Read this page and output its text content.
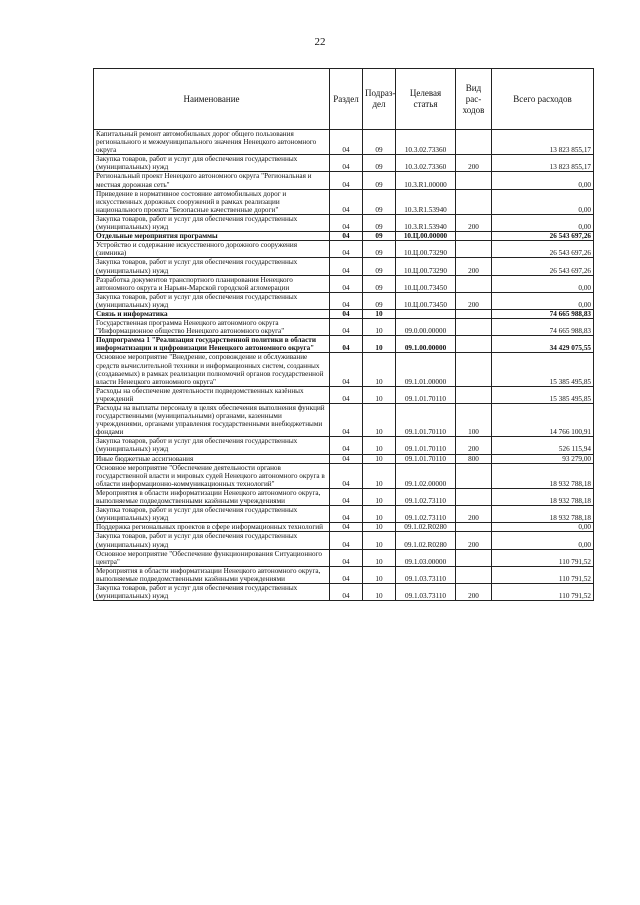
22
Наименование	Раздел	Подраз-дел	Целевая статья	Вид рас-ходов	Всего расходов
Капитальный ремонт автомобильных дорог общего пользования регионального и межмуниципального значения Ненецкого автономного округа	04	09	10.3.02.73360		13 823 855,17
Закупка товаров, работ и услуг для обеспечения государственных (муниципальных) нужд	04	09	10.3.02.73360	200	13 823 855,17
Региональный проект Ненецкого автономного округа "Региональная и местная дорожная сеть"	04	09	10.3.R1.00000		0,00
Приведение в нормативное состояние автомобильных дорог и искусственных дорожных сооружений в рамках реализации национального проекта "Безопасные качественные дороги"	04	09	10.3.R1.53940		0,00
Закупка товаров, работ и услуг для обеспечения государственных (муниципальных) нужд	04	09	10.3.R1.53940	200	0,00
Отдельные мероприятия программы	04	09	10.Ц.00.00000		26 543 697,26
Устройство и содержание искусственного дорожного сооружения (зимника)	04	09	10.Ц.00.73290		26 543 697,26
Закупка товаров, работ и услуг для обеспечения государственных (муниципальных) нужд	04	09	10.Ц.00.73290	200	26 543 697,26
Разработка документов транспортного планирования Ненецкого автономного округа и Нарьян-Марской городской агломерации	04	09	10.Ц.00.73450		0,00
Закупка товаров, работ и услуг для обеспечения государственных (муниципальных) нужд	04	09	10.Ц.00.73450	200	0,00
Связь и информатика	04	10			74 665 988,83
Государственная программа Ненецкого автономного округа "Информационное общество Ненецкого автономного округа"	04	10	09.0.00.00000		74 665 988,83
Подпрограмма 1 "Реализация государственной политики в области информатизации и цифровизации Ненецкого автономного округа"	04	10	09.1.00.00000		34 429 075,55
Основное мероприятие "Внедрение, сопровождение и обслуживание средств вычислительной техники и информационных систем, созданных (создаваемых) в рамках реализации полномочий органов государственной власти Ненецкого автономного округа"	04	10	09.1.01.00000		15 385 495,85
Расходы на обеспечение деятельности подведомственных казённых учреждений	04	10	09.1.01.70110		15 385 495,85
Расходы на выплаты персоналу в целях обеспечения выполнения функций государственными (муниципальными) органами, казенными учреждениями, органами управления государственными внебюджетными фондами	04	10	09.1.01.70110	100	14 766 100,91
Закупка товаров, работ и услуг для обеспечения государственных (муниципальных) нужд	04	10	09.1.01.70110	200	526 115,94
Иные бюджетные ассигнования	04	10	09.1.01.70110	800	93 279,00
Основное мероприятие "Обеспечение деятельности органов государственной власти и мировых судей Ненецкого автономного округа в области информационно-коммуникационных технологий"	04	10	09.1.02.00000		18 932 788,18
Мероприятия в области информатизации Ненецкого автономного округа, выполняемые подведомственными казёнными учреждениями	04	10	09.1.02.73110		18 932 788,18
Закупка товаров, работ и услуг для обеспечения государственных (муниципальных) нужд	04	10	09.1.02.73110	200	18 932 788,18
Поддержка региональных проектов в сфере информационных технологий	04	10	09.1.02.R0280		0,00
Закупка товаров, работ и услуг для обеспечения государственных (муниципальных) нужд	04	10	09.1.02.R0280	200	0,00
Основное мероприятие "Обеспечение функционирования Ситуационного центра"	04	10	09.1.03.00000		110 791,52
Мероприятия в области информатизации Ненецкого автономного округа, выполняемые подведомственными казёнными учреждениями	04	10	09.1.03.73110		110 791,52
Закупка товаров, работ и услуг для обеспечения государственных (муниципальных) нужд	04	10	09.1.03.73110	200	110 791,52
